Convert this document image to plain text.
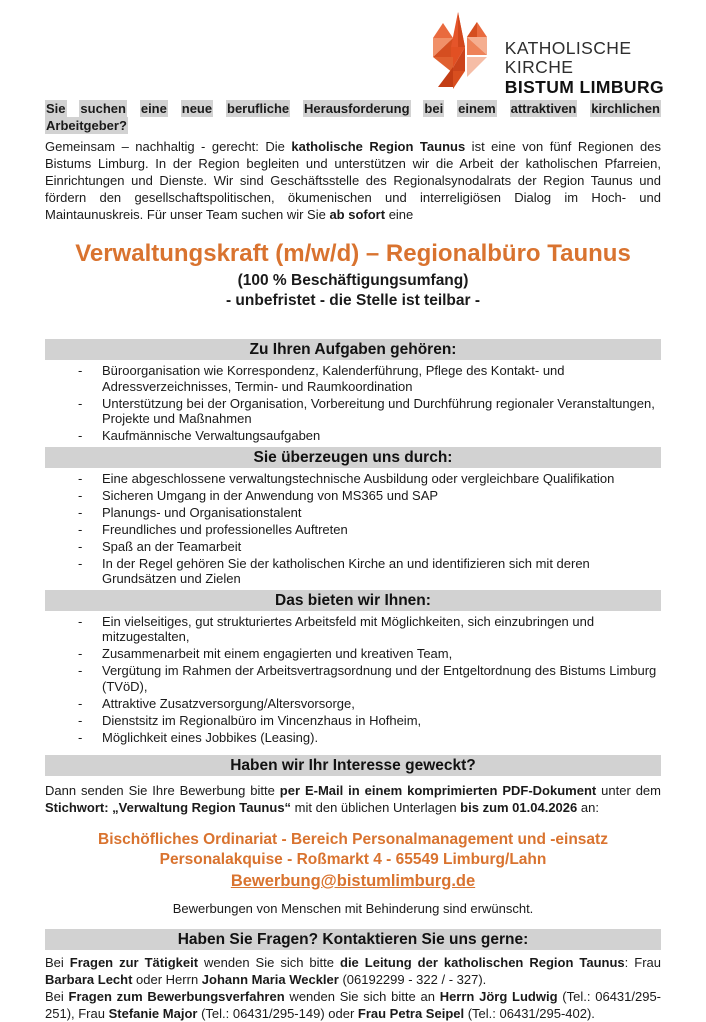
KATHOLISCHE
KIRCHE
BISTUM LIMBURG

Sie suchen eine neue berufliche Herausforderung bei einem attraktiven kirchlichen Arbeitgeber?

Gemeinsam – nachhaltig - gerecht: Die katholische Region Taunus ist eine von fünf Regionen des Bistums Limburg. In der Region begleiten und unterstützen wir die Arbeit der katholischen Pfarreien, Einrichtungen und Dienste. Wir sind Geschäftsstelle des Regionalsynodalrats der Region Taunus und fördern den gesellschaftspolitischen, ökumenischen und interreligiösen Dialog im Hoch- und Maintaunuskreis. Für unser Team suchen wir Sie ab sofort eine

Verwaltungskraft (m/w/d) – Regionalbüro Taunus
(100 % Beschäftigungsumfang)
- unbefristet - die Stelle ist teilbar -
Zu Ihren Aufgaben gehören:
- Büroorganisation wie Korrespondenz, Kalenderführung, Pflege des Kontakt- und Adressverzeichnisses, Termin- und Raumkoordination
- Unterstützung bei der Organisation, Vorbereitung und Durchführung regionaler Veranstaltungen, Projekte und Maßnahmen
- Kaufmännische Verwaltungsaufgaben
Sie überzeugen uns durch:
- Eine abgeschlossene verwaltungstechnische Ausbildung oder vergleichbare Qualifikation
- Sicheren Umgang in der Anwendung von MS365 und SAP
- Planungs- und Organisationstalent
- Freundliches und professionelles Auftreten
- Spaß an der Teamarbeit
- In der Regel gehören Sie der katholischen Kirche an und identifizieren sich mit deren Grundsätzen und Zielen
Das bieten wir Ihnen:
- Ein vielseitiges, gut strukturiertes Arbeitsfeld mit Möglichkeiten, sich einzubringen und mitzugestalten,
- Zusammenarbeit mit einem engagierten und kreativen Team,
- Vergütung im Rahmen der Arbeitsvertragsordnung und der Entgeltordnung des Bistums Limburg (TVöD),
- Attraktive Zusatzversorgung/Altersvorsorge,
- Dienstsitz im Regionalbüro im Vincenzhaus in Hofheim,
- Möglichkeit eines Jobbikes (Leasing).
Haben wir Ihr Interesse geweckt?

Dann senden Sie Ihre Bewerbung bitte per E-Mail in einem komprimierten PDF-Dokument unter dem Stichwort: „Verwaltung Region Taunus“ mit den üblichen Unterlagen bis zum 01.04.2026 an:

Bischöfliches Ordinariat - Bereich Personalmanagement und -einsatz
Personalakquise - Roßmarkt 4 - 65549 Limburg/Lahn
Bewerbung@bistumlimburg.de

Bewerbungen von Menschen mit Behinderung sind erwünscht.

Haben Sie Fragen? Kontaktieren Sie uns gerne:

Bei Fragen zur Tätigkeit wenden Sie sich bitte die Leitung der katholischen Region Taunus: Frau Barbara Lecht oder Herrn Johann Maria Weckler (06192299 - 322 / - 327).

Bei Fragen zum Bewerbungsverfahren wenden Sie sich bitte an Herrn Jörg Ludwig (Tel.: 06431/295-251), Frau Stefanie Major (Tel.: 06431/295-149) oder Frau Petra Seipel (Tel.: 06431/295-402).
